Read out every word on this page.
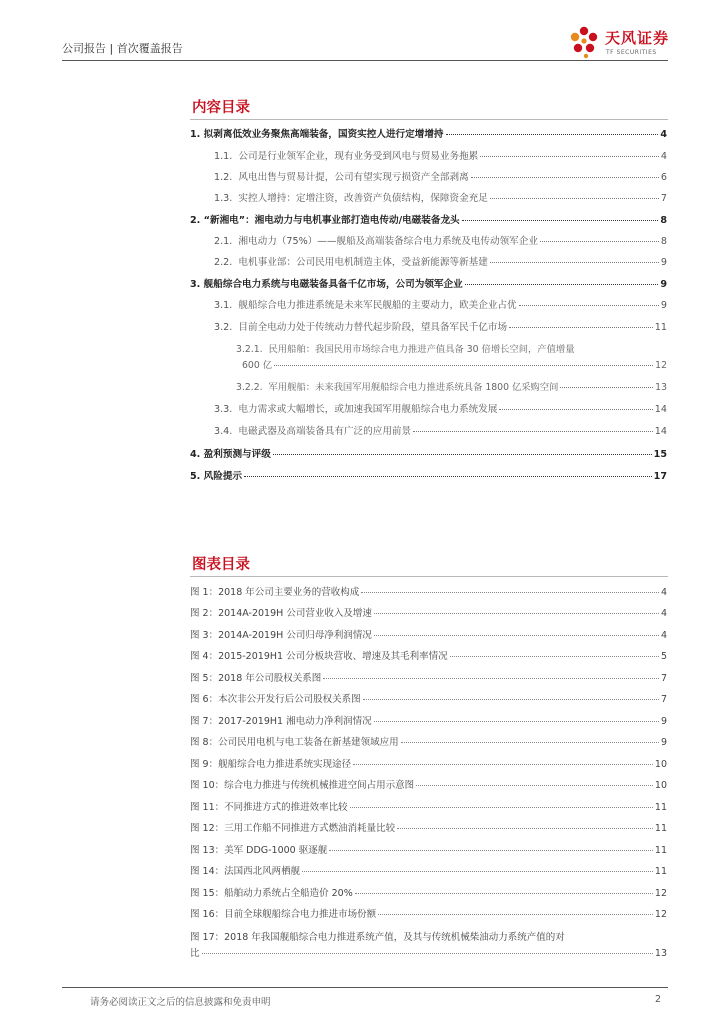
公司报告 | 首次覆盖报告
天风证券
TF SECURITIES
内容目录
1. 拟剥离低效业务聚焦高端装备，国资实控人进行定增增持	4
1.1. 公司是行业领军企业，现有业务受到风电与贸易业务拖累	4
1.2. 风电出售与贸易计提，公司有望实现亏损资产全部剥离	6
1.3. 实控人增持：定增注资，改善资产负债结构，保障资金充足	7
2. “新湘电”：湘电动力与电机事业部打造电传动/电磁装备龙头	8
2.1. 湘电动力（75%）——舰船及高端装备综合电力系统及电传动领军企业	8
2.2. 电机事业部：公司民用电机制造主体，受益新能源等新基建	9
3. 舰船综合电力系统与电磁装备具备千亿市场，公司为领军企业	9
3.1. 舰船综合电力推进系统是未来军民舰船的主要动力，欧美企业占优	9
3.2. 目前全电动力处于传统动力替代起步阶段，望具备军民千亿市场	11
3.2.1. 民用船舶：我国民用市场综合电力推进产值具备 30 倍增长空间，产值增量
600 亿	12
3.2.2. 军用舰船：未来我国军用舰船综合电力推进系统具备 1800 亿采购空间	13
3.3. 电力需求或大幅增长，或加速我国军用舰船综合电力系统发展	14
3.4. 电磁武器及高端装备具有广泛的应用前景	14
4. 盈利预测与评级	15
5. 风险提示	17
图表目录
图 1：2018 年公司主要业务的营收构成	4
图 2：2014A-2019H 公司营业收入及增速	4
图 3：2014A-2019H 公司归母净利润情况	4
图 4：2015-2019H1 公司分板块营收、增速及其毛利率情况	5
图 5：2018 年公司股权关系图	7
图 6：本次非公开发行后公司股权关系图	7
图 7：2017-2019H1 湘电动力净利润情况	9
图 8：公司民用电机与电工装备在新基建领域应用	9
图 9：舰船综合电力推进系统实现途径	10
图 10：综合电力推进与传统机械推进空间占用示意图	10
图 11：不同推进方式的推进效率比较	11
图 12：三用工作船不同推进方式燃油消耗量比较	11
图 13：美军 DDG-1000 驱逐舰	11
图 14：法国西北风两栖舰	11
图 15：船舶动力系统占全船造价 20%	12
图 16：目前全球舰船综合电力推进市场份额	12
图 17：2018 年我国舰船综合电力推进系统产值，及其与传统机械柴油动力系统产值的对
比	13
请务必阅读正文之后的信息披露和免责申明	2
